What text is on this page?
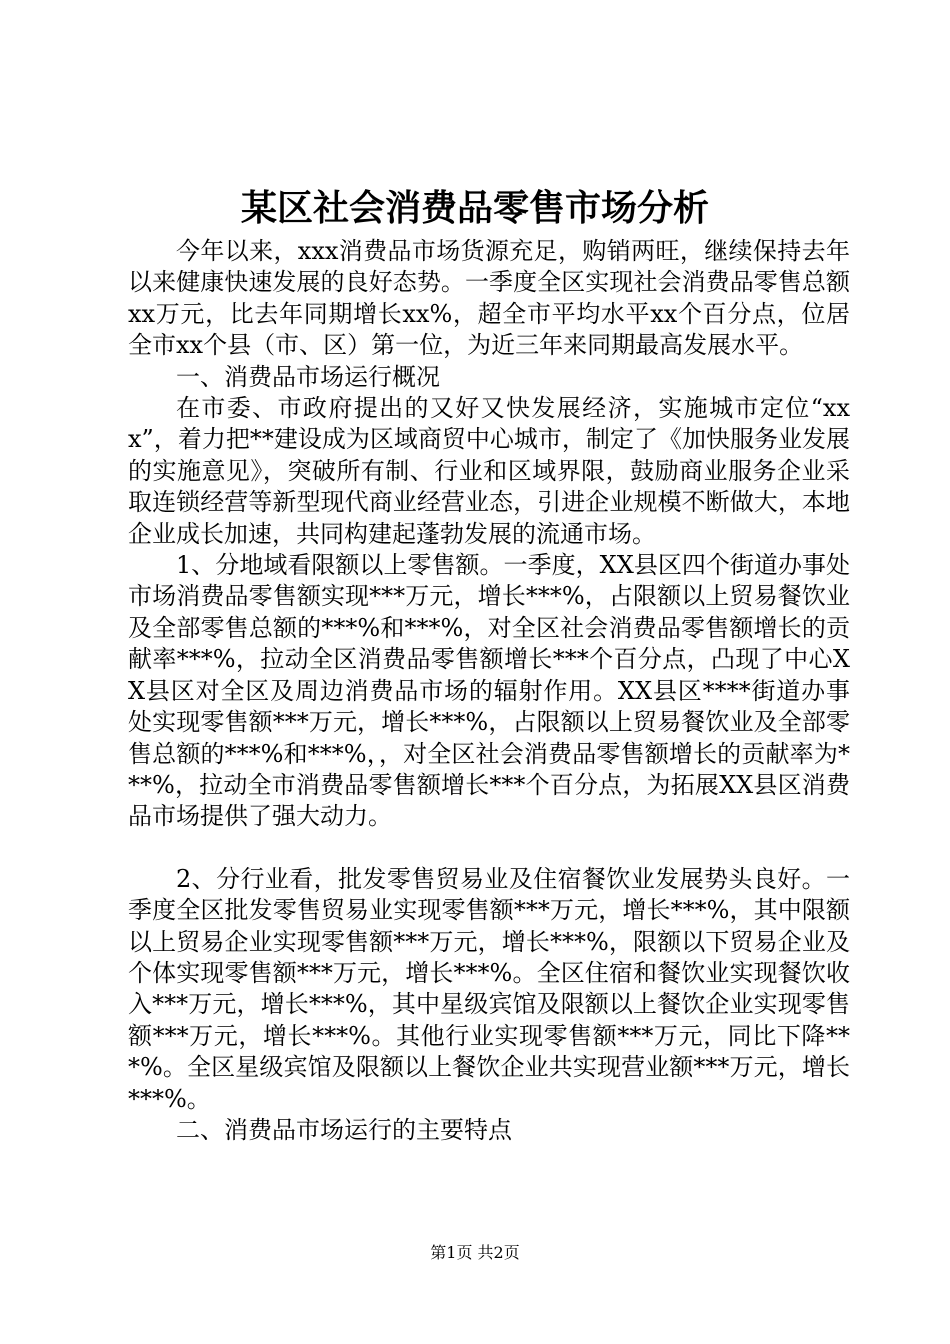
某区社会消费品零售市场分析

今年以来，xxx消费品市场货源充足，购销两旺，继续保持去年以来健康快速发展的良好态势。一季度全区实现社会消费品零售总额xx万元，比去年同期增长xx%，超全市平均水平xx个百分点，位居全市xx个县（市、区）第一位，为近三年来同期最高发展水平。

一、消费品市场运行概况

在市委、市政府提出的又好又快发展经济，实施城市定位“xxx”，着力把**建设成为区域商贸中心城市，制定了《加快服务业发展的实施意见》，突破所有制、行业和区域界限，鼓励商业服务企业采取连锁经营等新型现代商业经营业态，引进企业规模不断做大，本地企业成长加速，共同构建起蓬勃发展的流通市场。

1、分地域看限额以上零售额。一季度，XX县区四个街道办事处市场消费品零售额实现***万元，增长***%，占限额以上贸易餐饮业及全部零售总额的***%和***%，对全区社会消费品零售额增长的贡献率***%，拉动全区消费品零售额增长***个百分点，凸现了中心XX县区对全区及周边消费品市场的辐射作用。XX县区****街道办事处实现零售额***万元，增长***%，占限额以上贸易餐饮业及全部零售总额的***%和***%，，对全区社会消费品零售额增长的贡献率为***%，拉动全市消费品零售额增长***个百分点，为拓展XX县区消费品市场提供了强大动力。

2、分行业看，批发零售贸易业及住宿餐饮业发展势头良好。一季度全区批发零售贸易业实现零售额***万元，增长***%，其中限额以上贸易企业实现零售额***万元，增长***%，限额以下贸易企业及个体实现零售额***万元，增长***%。全区住宿和餐饮业实现餐饮收入***万元，增长***%，其中星级宾馆及限额以上餐饮企业实现零售额***万元，增长***%。其他行业实现零售额***万元，同比下降***%。全区星级宾馆及限额以上餐饮企业共实现营业额***万元，增长***%。

二、消费品市场运行的主要特点

第1页 共2页
